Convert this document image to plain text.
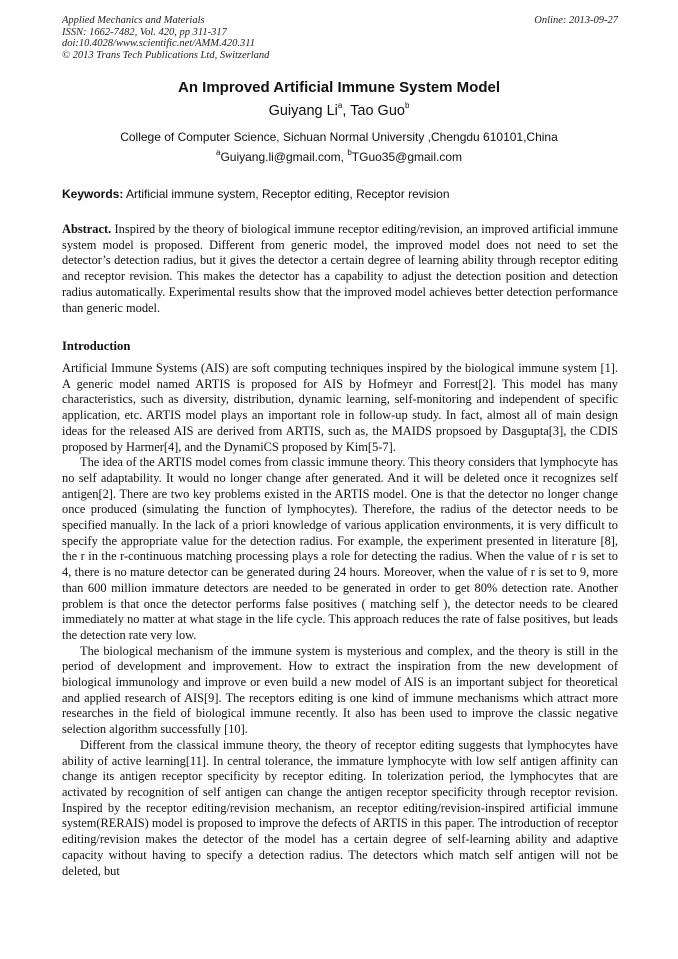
Applied Mechanics and Materials
ISSN: 1662-7482, Vol. 420, pp 311-317
doi:10.4028/www.scientific.net/AMM.420.311
© 2013 Trans Tech Publications Ltd, Switzerland
Online: 2013-09-27
An Improved Artificial Immune System Model
Guiyang Li$^a$, Tao Guo$^b$
College of Computer Science, Sichuan Normal University ,Chengdu 610101,China
$^a$Guiyang.li@gmail.com, $^b$TGuo35@gmail.com
Keywords: Artificial immune system, Receptor editing, Receptor revision
Abstract. Inspired by the theory of biological immune receptor editing/revision, an improved artificial immune system model is proposed. Different from generic model, the improved model does not need to set the detector’s detection radius, but it gives the detector a certain degree of learning ability through receptor editing and receptor revision. This makes the detector has a capability to adjust the detection position and detection radius automatically. Experimental results show that the improved model achieves better detection performance than generic model.
Introduction

Artificial Immune Systems (AIS) are soft computing techniques inspired by the biological immune system [1]. A generic model named ARTIS is proposed for AIS by Hofmeyr and Forrest[2]. This model has many characteristics, such as diversity, distribution, dynamic learning, self-monitoring and independent of specific application, etc. ARTIS model plays an important role in follow-up study. In fact, almost all of main design ideas for the released AIS are derived from ARTIS, such as, the MAIDS propsoed by Dasgupta[3], the CDIS proposed by Harmer[4], and the DynamiCS proposed by Kim[5-7].

The idea of the ARTIS model comes from classic immune theory. This theory considers that lymphocyte has no self adaptability. It would no longer change after generated. And it will be deleted once it recognizes self antigen[2]. There are two key problems existed in the ARTIS model. One is that the detector no longer change once produced (simulating the function of lymphocytes). Therefore, the radius of the detector needs to be specified manually. In the lack of a priori knowledge of various application environments, it is very difficult to specify the appropriate value for the detection radius. For example, the experiment presented in literature [8], the r in the r-continuous matching processing plays a role for detecting the radius. When the value of r is set to 4, there is no mature detector can be generated during 24 hours. Moreover, when the value of r is set to 9, more than 600 million immature detectors are needed to be generated in order to get 80% detection rate. Another problem is that once the detector performs false positives ( matching self ), the detector needs to be cleared immediately no matter at what stage in the life cycle. This approach reduces the rate of false positives, but leads the detection rate very low.

The biological mechanism of the immune system is mysterious and complex, and the theory is still in the period of development and improvement. How to extract the inspiration from the new development of biological immunology and improve or even build a new model of AIS is an important subject for theoretical and applied research of AIS[9]. The receptors editing is one kind of immune mechanisms which attract more researches in the field of biological immune recently. It also has been used to improve the classic negative selection algorithm successfully [10].

Different from the classical immune theory, the theory of receptor editing suggests that lymphocytes have ability of active learning[11]. In central tolerance, the immature lymphocyte with low self antigen affinity can change its antigen receptor specificity by receptor editing. In tolerization period, the lymphocytes that are activated by recognition of self antigen can change the antigen receptor specificity through receptor revision. Inspired by the receptor editing/revision mechanism, an receptor editing/revision-inspired artificial immune system(RERAIS) model is proposed to improve the defects of ARTIS in this paper. The introduction of receptor editing/revision makes the detector of the model has a certain degree of self-learning ability and adaptive capacity without having to specify a detection radius. The detectors which match self antigen will not be deleted, but
